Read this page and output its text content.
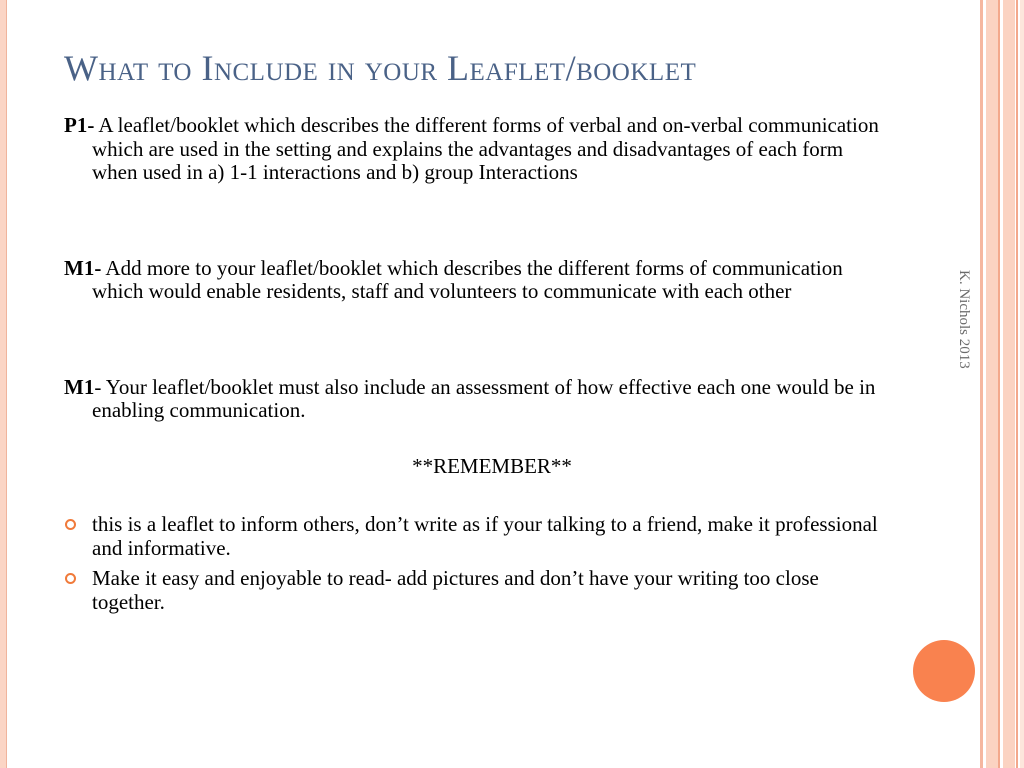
What to Include in your Leaflet/booklet

P1- A leaflet/booklet which describes the different forms of verbal and on-verbal communication which are used in the setting and explains the advantages and disadvantages of each form when used in a) 1-1 interactions and b) group Interactions

M1- Add more to your leaflet/booklet which describes the different forms of communication which would enable residents, staff and volunteers to communicate with each other

M1- Your leaflet/booklet must also include an assessment of how effective each one would be in enabling communication.

**REMEMBER**
this is a leaflet to inform others, don’t write as if your talking to a friend, make it professional and informative.
Make it easy and enjoyable to read- add pictures and don’t have your writing too close together.
K. Nichols 2013
